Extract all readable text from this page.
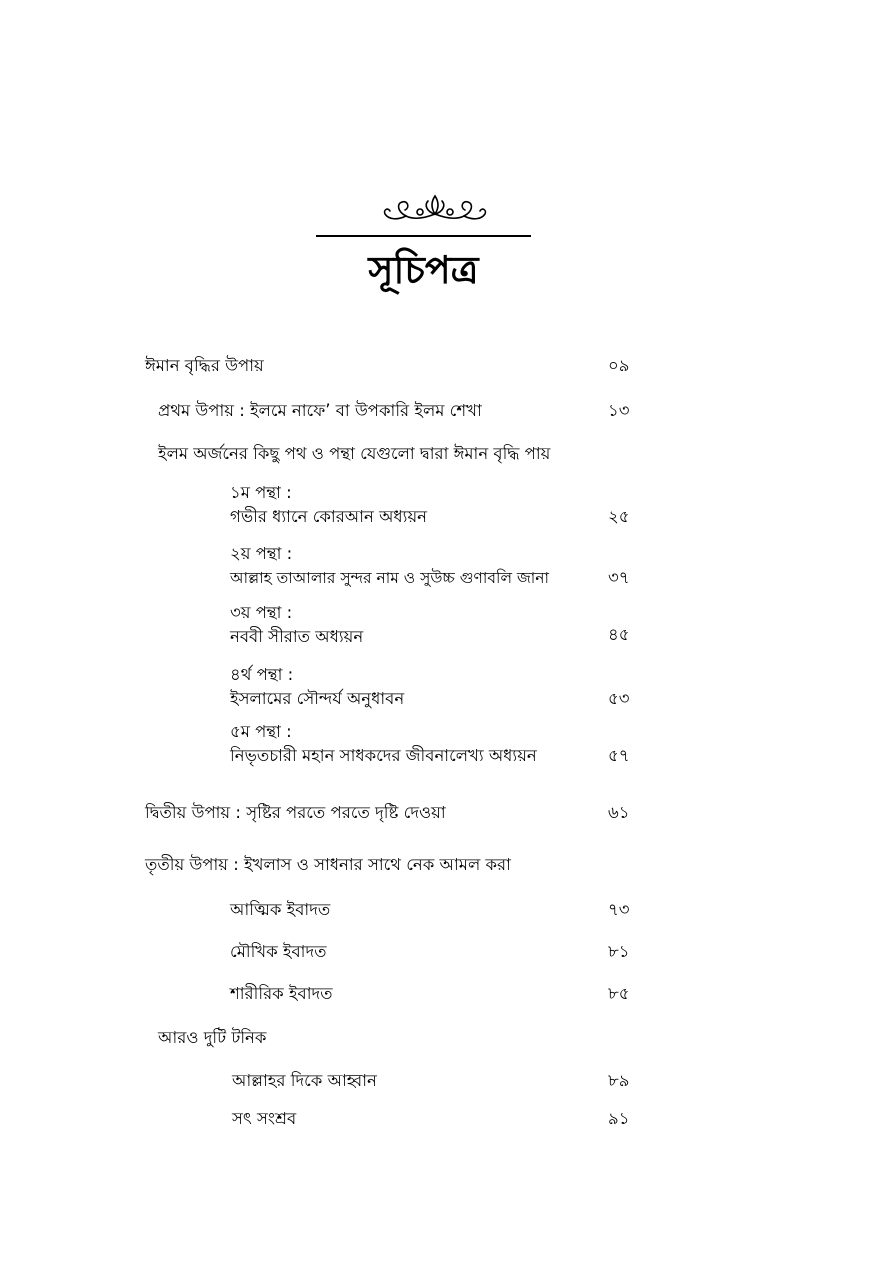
সূচিপত্র
ঈমান বৃদ্ধির উপায়	০৯
প্রথম উপায় : ইলমে নাফে’ বা উপকারি ইলম শেখা	১৩
ইলম অর্জনের কিছু পথ ও পন্থা যেগুলো দ্বারা ঈমান বৃদ্ধি পায়
১ম পন্থা :
গভীর ধ্যানে কোরআন অধ্যয়ন	২৫
২য় পন্থা :
আল্লাহ তাআলার সুন্দর নাম ও সুউচ্চ গুণাবলি জানা	৩৭
৩য় পন্থা :
নববী সীরাত অধ্যয়ন	৪৫
৪র্থ পন্থা :
ইসলামের সৌন্দর্য অনুধাবন	৫৩
৫ম পন্থা :
নিভৃতচারী মহান সাধকদের জীবনালেখ্য অধ্যয়ন	৫৭
দ্বিতীয় উপায় : সৃষ্টির পরতে পরতে দৃষ্টি দেওয়া	৬১
তৃতীয় উপায় : ইখলাস ও সাধনার সাথে নেক আমল করা
আত্মিক ইবাদত	৭৩
মৌখিক ইবাদত	৮১
শারীরিক ইবাদত	৮৫
আরও দুটি টনিক
আল্লাহর দিকে আহ্বান	৮৯
সৎ সংশ্রব	৯১
